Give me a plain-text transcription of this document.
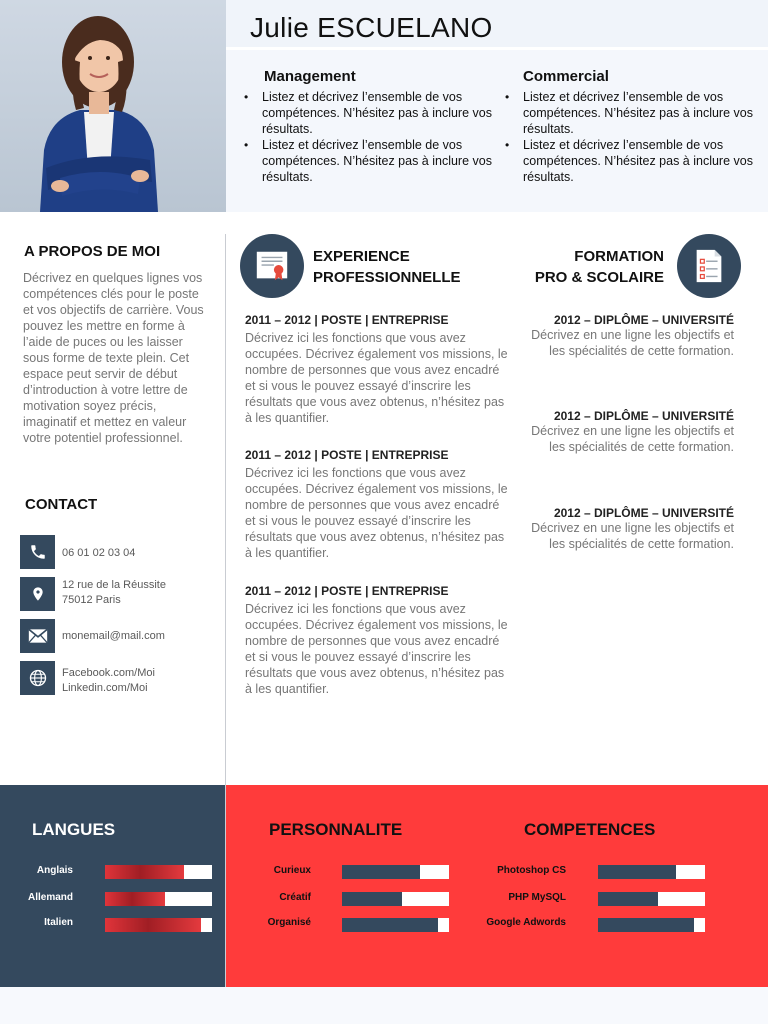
Julie ESCUELANO
Management
• Listez et décrivez l’ensemble de vos compétences. N’hésitez pas à inclure vos résultats.
• Listez et décrivez l’ensemble de vos compétences. N’hésitez pas à inclure vos résultats.
Commercial
• Listez et décrivez l’ensemble de vos compétences. N’hésitez pas à inclure vos résultats.
• Listez et décrivez l’ensemble de vos compétences. N’hésitez pas à inclure vos résultats.
A PROPOS DE MOI
Décrivez en quelques lignes vos compétences clés pour le poste et vos objectifs de carrière. Vous pouvez les mettre en forme à l’aide de puces ou les laisser sous forme de texte plein. Cet espace peut servir de début d’introduction à votre lettre de motivation soyez précis, imaginatif et mettez en valeur votre potentiel professionnel.
CONTACT
06 01 02 03 04
12 rue de la Réussite
75012 Paris
monemail@mail.com
Facebook.com/Moi
Linkedin.com/Moi
EXPERIENCE
PROFESSIONNELLE
2011 – 2012 | POSTE | ENTREPRISE
Décrivez ici les fonctions que vous avez occupées. Décrivez également vos missions, le nombre de personnes que vous avez encadré et si vous le pouvez essayé d’inscrire les résultats que vous avez obtenus, n’hésitez pas à les quantifier.
2011 – 2012 | POSTE | ENTREPRISE
Décrivez ici les fonctions que vous avez occupées. Décrivez également vos missions, le nombre de personnes que vous avez encadré et si vous le pouvez essayé d’inscrire les résultats que vous avez obtenus, n’hésitez pas à les quantifier.
2011 – 2012 | POSTE | ENTREPRISE
Décrivez ici les fonctions que vous avez occupées. Décrivez également vos missions, le nombre de personnes que vous avez encadré et si vous le pouvez essayé d’inscrire les résultats que vous avez obtenus, n’hésitez pas à les quantifier.
FORMATION
PRO & SCOLAIRE
2012 – DIPLÔME – UNIVERSITÉ
Décrivez en une ligne les objectifs et les spécialités de cette formation.
2012 – DIPLÔME – UNIVERSITÉ
Décrivez en une ligne les objectifs et les spécialités de cette formation.
2012 – DIPLÔME – UNIVERSITÉ
Décrivez en une ligne les objectifs et les spécialités de cette formation.
LANGUES
Anglais
Allemand
Italien
PERSONNALITE
Curieux
Créatif
Organisé
COMPETENCES
Photoshop CS
PHP MySQL
Google Adwords
